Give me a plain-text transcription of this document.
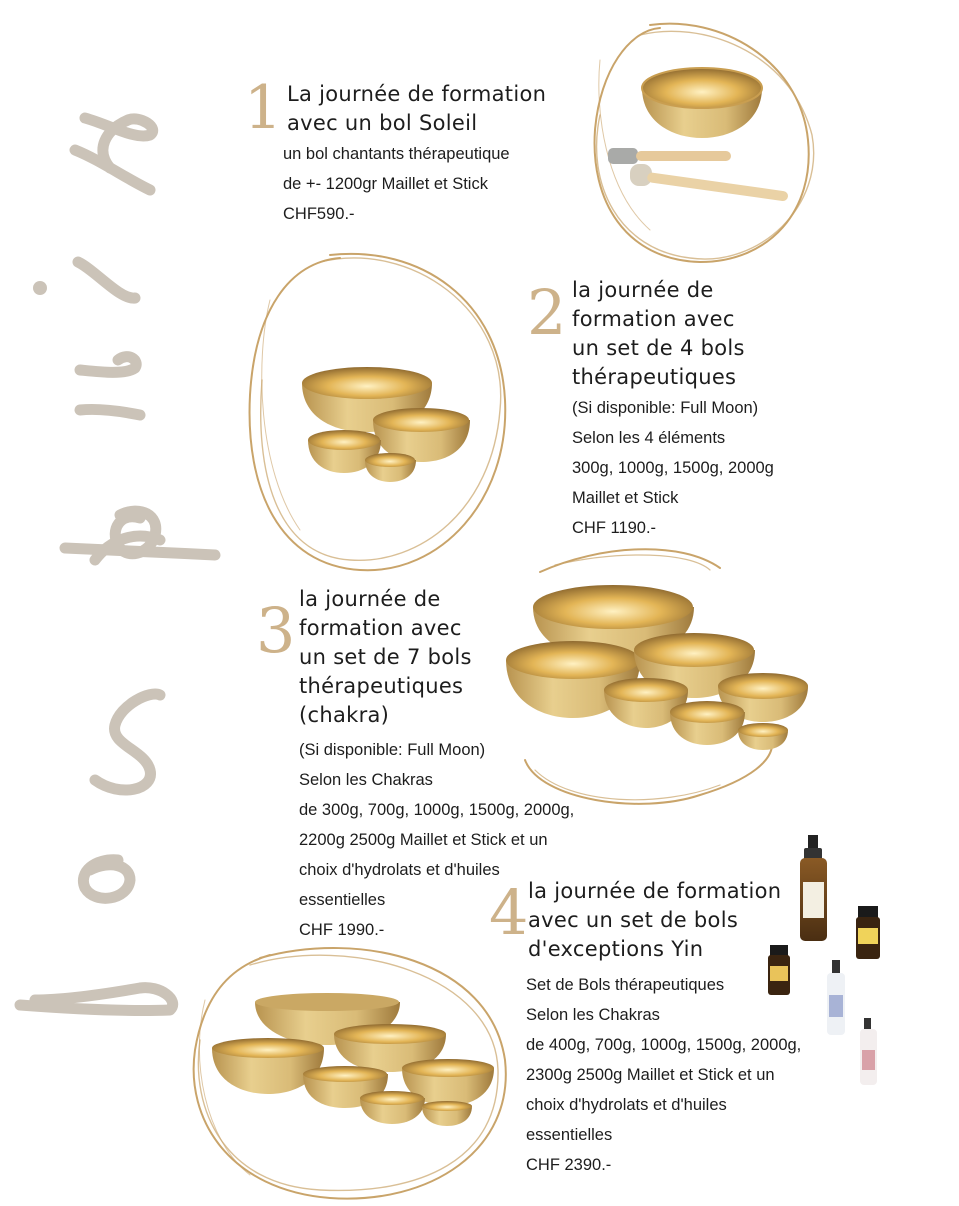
1 La journée de formation
avec un bol Soleil
un bol chantants thérapeutique
de +- 1200gr Maillet et Stick
CHF590.-
2 la journée de
formation avec
un set de 4 bols
thérapeutiques
(Si disponible: Full Moon)
Selon les 4 éléments
300g, 1000g, 1500g, 2000g
Maillet et Stick
CHF 1190.-
3 la journée de
formation avec
un set de 7 bols
thérapeutiques
(chakra)
(Si disponible: Full Moon)
Selon les Chakras
de 300g, 700g, 1000g, 1500g, 2000g,
2200g 2500g Maillet et Stick et un
choix d'hydrolats et d'huiles
essentielles
CHF 1990.-	4 la journée de formation
avec un set de bols
d'exceptions Yin
Set de Bols thérapeutiques
Selon les Chakras
de 400g, 700g, 1000g, 1500g, 2000g,
2300g 2500g Maillet et Stick et un
choix d'hydrolats et d'huiles
essentielles
CHF 2390.-
